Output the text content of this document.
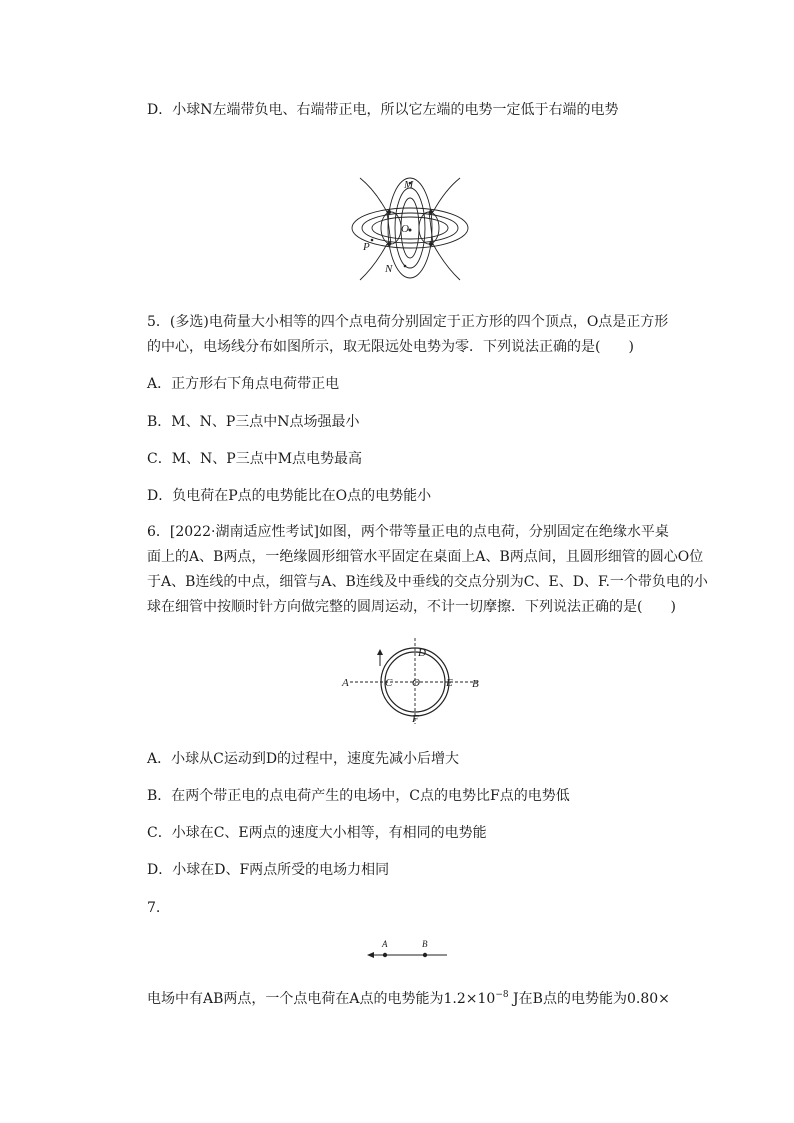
D．小球N左端带负电、右端带正电，所以它左端的电势一定低于右端的电势
M
O
P
N
5．(多选)电荷量大小相等的四个点电荷分别固定于正方形的四个顶点，O点是正方形
的中心，电场线分布如图所示，取无限远处电势为零．下列说法正确的是(　　)
A．正方形右下角点电荷带正电
B．M、N、P三点中N点场强最小
C．M、N、P三点中M点电势最高
D．负电荷在P点的电势能比在O点的电势能小
6．[2022·湖南适应性考试]如图，两个带等量正电的点电荷，分别固定在绝缘水平桌
面上的A、B两点，一绝缘圆形细管水平固定在桌面上A、B两点间，且圆形细管的圆心O位
于A、B连线的中点，细管与A、B连线及中垂线的交点分别为C、E、D、F.一个带负电的小
球在细管中按顺时针方向做完整的圆周运动，不计一切摩擦．下列说法正确的是(　　)
A	B
C
D
E
F
O
A．小球从C运动到D的过程中，速度先减小后增大
B．在两个带正电的点电荷产生的电场中，C点的电势比F点的电势低
C．小球在C、E两点的速度大小相等，有相同的电势能
D．小球在D、F两点所受的电场力相同
7.
A	B
电场中有AB两点，一个点电荷在A点的电势能为$1.2\times 10^{-8}$ J在B点的电势能为0.80×
